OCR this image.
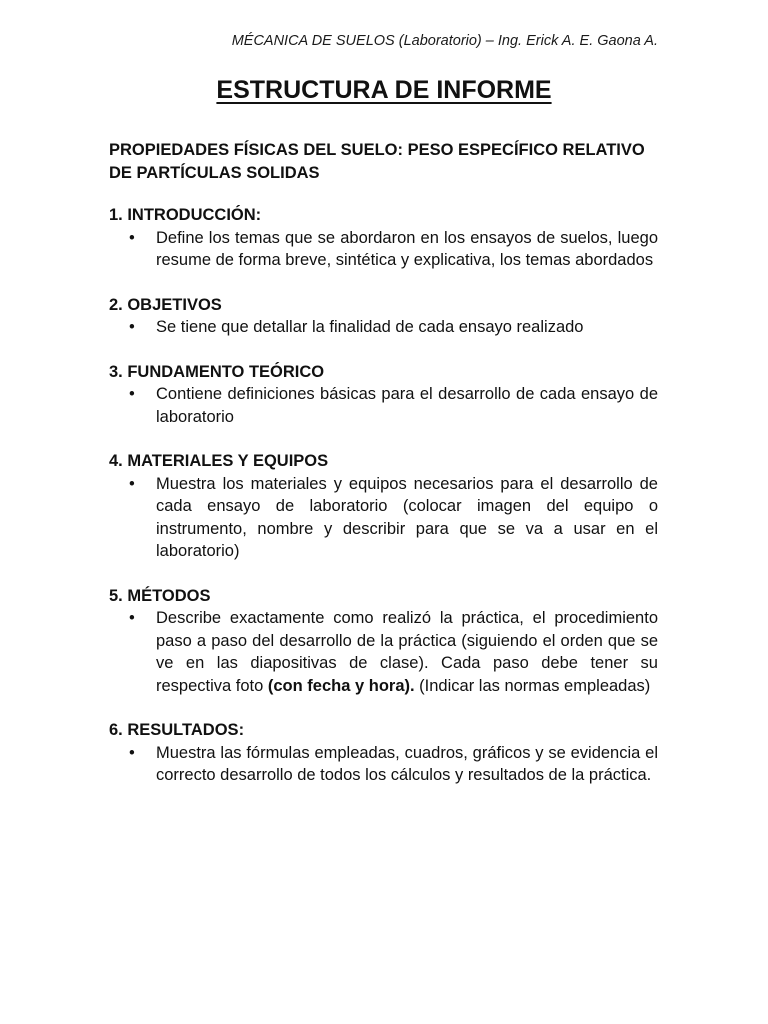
MÉCANICA DE SUELOS (Laboratorio) – Ing. Erick A. E. Gaona A.
ESTRUCTURA DE INFORME
PROPIEDADES FÍSICAS DEL SUELO: PESO ESPECÍFICO RELATIVO DE PARTÍCULAS SOLIDAS
1. INTRODUCCIÓN:
• Define los temas que se abordaron en los ensayos de suelos, luego resume de forma breve, sintética y explicativa, los temas abordados
2. OBJETIVOS
• Se tiene que detallar la finalidad de cada ensayo realizado
3. FUNDAMENTO TEÓRICO
• Contiene definiciones básicas para el desarrollo de cada ensayo de laboratorio
4. MATERIALES Y EQUIPOS
• Muestra los materiales y equipos necesarios para el desarrollo de cada ensayo de laboratorio (colocar imagen del equipo o instrumento, nombre y describir para que se va a usar en el laboratorio)
5. MÉTODOS
• Describe exactamente como realizó la práctica, el procedimiento paso a paso del desarrollo de la práctica (siguiendo el orden que se ve en las diapositivas de clase). Cada paso debe tener su respectiva foto (con fecha y hora). (Indicar las normas empleadas)
6. RESULTADOS:
• Muestra las fórmulas empleadas, cuadros, gráficos y se evidencia el correcto desarrollo de todos los cálculos y resultados de la práctica.
